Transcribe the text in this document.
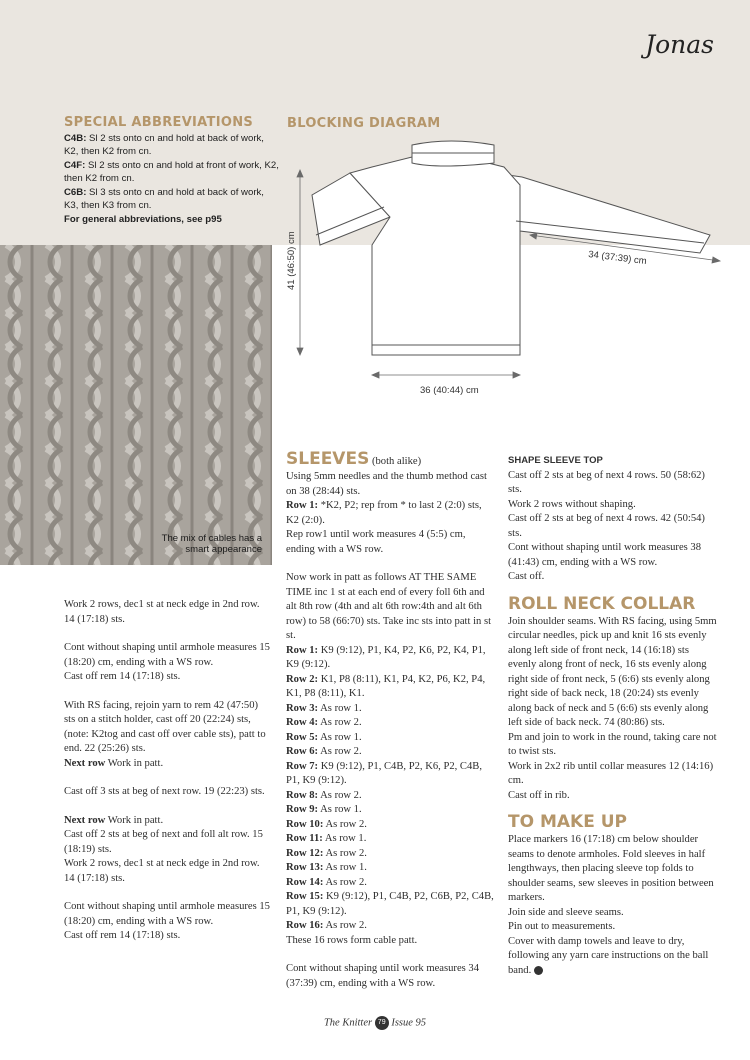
Jonas
SPECIAL ABBREVIATIONS

C4B: Sl 2 sts onto cn and hold at back of work, K2, then K2 from cn.

C4F: Sl 2 sts onto cn and hold at front of work, K2, then K2 from cn.

C6B: Sl 3 sts onto cn and hold at back of work, K3, then K3 from cn.

For general abbreviations, see p95

BLOCKING DIAGRAM
41 (46:50) cm
36 (40:44) cm
34 (37:39) cm
The mix of cables has a smart appearance

Work 2 rows, dec1 st at neck edge in 2nd row. 14 (17:18) sts.

Cont without shaping until armhole measures 15 (18:20) cm, ending with a WS row.

Cast off rem 14 (17:18) sts.

With RS facing, rejoin yarn to rem 42 (47:50) sts on a stitch holder, cast off 20 (22:24) sts, (note: K2tog and cast off over cable sts), patt to end. 22 (25:26) sts.

Next row Work in patt.

Cast off 3 sts at beg of next row. 19 (22:23) sts.

Next row Work in patt.

Cast off 2 sts at beg of next and foll alt row. 15 (18:19) sts.

Work 2 rows, dec1 st at neck edge in 2nd row. 14 (17:18) sts.

Cont without shaping until armhole measures 15 (18:20) cm, ending with a WS row.

Cast off rem 14 (17:18) sts.

SLEEVES (both alike)

Using 5mm needles and the thumb method cast on 38 (28:44) sts.

Row 1: *K2, P2; rep from * to last 2 (2:0) sts, K2 (2:0).

Rep row1 until work measures 4 (5:5) cm, ending with a WS row.

Now work in patt as follows AT THE SAME TIME inc 1 st at each end of every foll 6th and alt 8th row (4th and alt 6th row:4th and alt 6th row) to 58 (66:70) sts. Take inc sts into patt in st st.

Row 1: K9 (9:12), P1, K4, P2, K6, P2, K4, P1, K9 (9:12).

Row 2: K1, P8 (8:11), K1, P4, K2, P6, K2, P4, K1, P8 (8:11), K1.

Row 3: As row 1.

Row 4: As row 2.

Row 5: As row 1.

Row 6: As row 2.

Row 7: K9 (9:12), P1, C4B, P2, K6, P2, C4B, P1, K9 (9:12).

Row 8: As row 2.

Row 9: As row 1.

Row 10: As row 2.

Row 11: As row 1.

Row 12: As row 2.

Row 13: As row 1.

Row 14: As row 2.

Row 15: K9 (9:12), P1, C4B, P2, C6B, P2, C4B, P1, K9 (9:12).

Row 16: As row 2.

These 16 rows form cable patt.

Cont without shaping until work measures 34 (37:39) cm, ending with a WS row.

SHAPE SLEEVE TOP

Cast off 2 sts at beg of next 4 rows. 50 (58:62) sts.

Work 2 rows without shaping.

Cast off 2 sts at beg of next 4 rows. 42 (50:54) sts.

Cont without shaping until work measures 38 (41:43) cm, ending with a WS row.

Cast off.

ROLL NECK COLLAR

Join shoulder seams. With RS facing, using 5mm circular needles, pick up and knit 16 sts evenly along left side of front neck, 14 (16:18) sts evenly along front of neck, 16 sts evenly along right side of front neck, 5 (6:6) sts evenly along right side of back neck, 18 (20:24) sts evenly along back of neck and 5 (6:6) sts evenly along left side of back neck. 74 (80:86) sts.

Pm and join to work in the round, taking care not to twist sts.

Work in 2x2 rib until collar measures 12 (14:16) cm.

Cast off in rib.

TO MAKE UP

Place markers 16 (17:18) cm below shoulder seams to denote armholes. Fold sleeves in half lengthways, then placing sleeve top folds to shoulder seams, sew sleeves in position between markers.

Join side and sleeve seams.

Pin out to measurements.

Cover with damp towels and leave to dry, following any yarn care instructions on the ball band.

The Knitter 79 Issue 95
